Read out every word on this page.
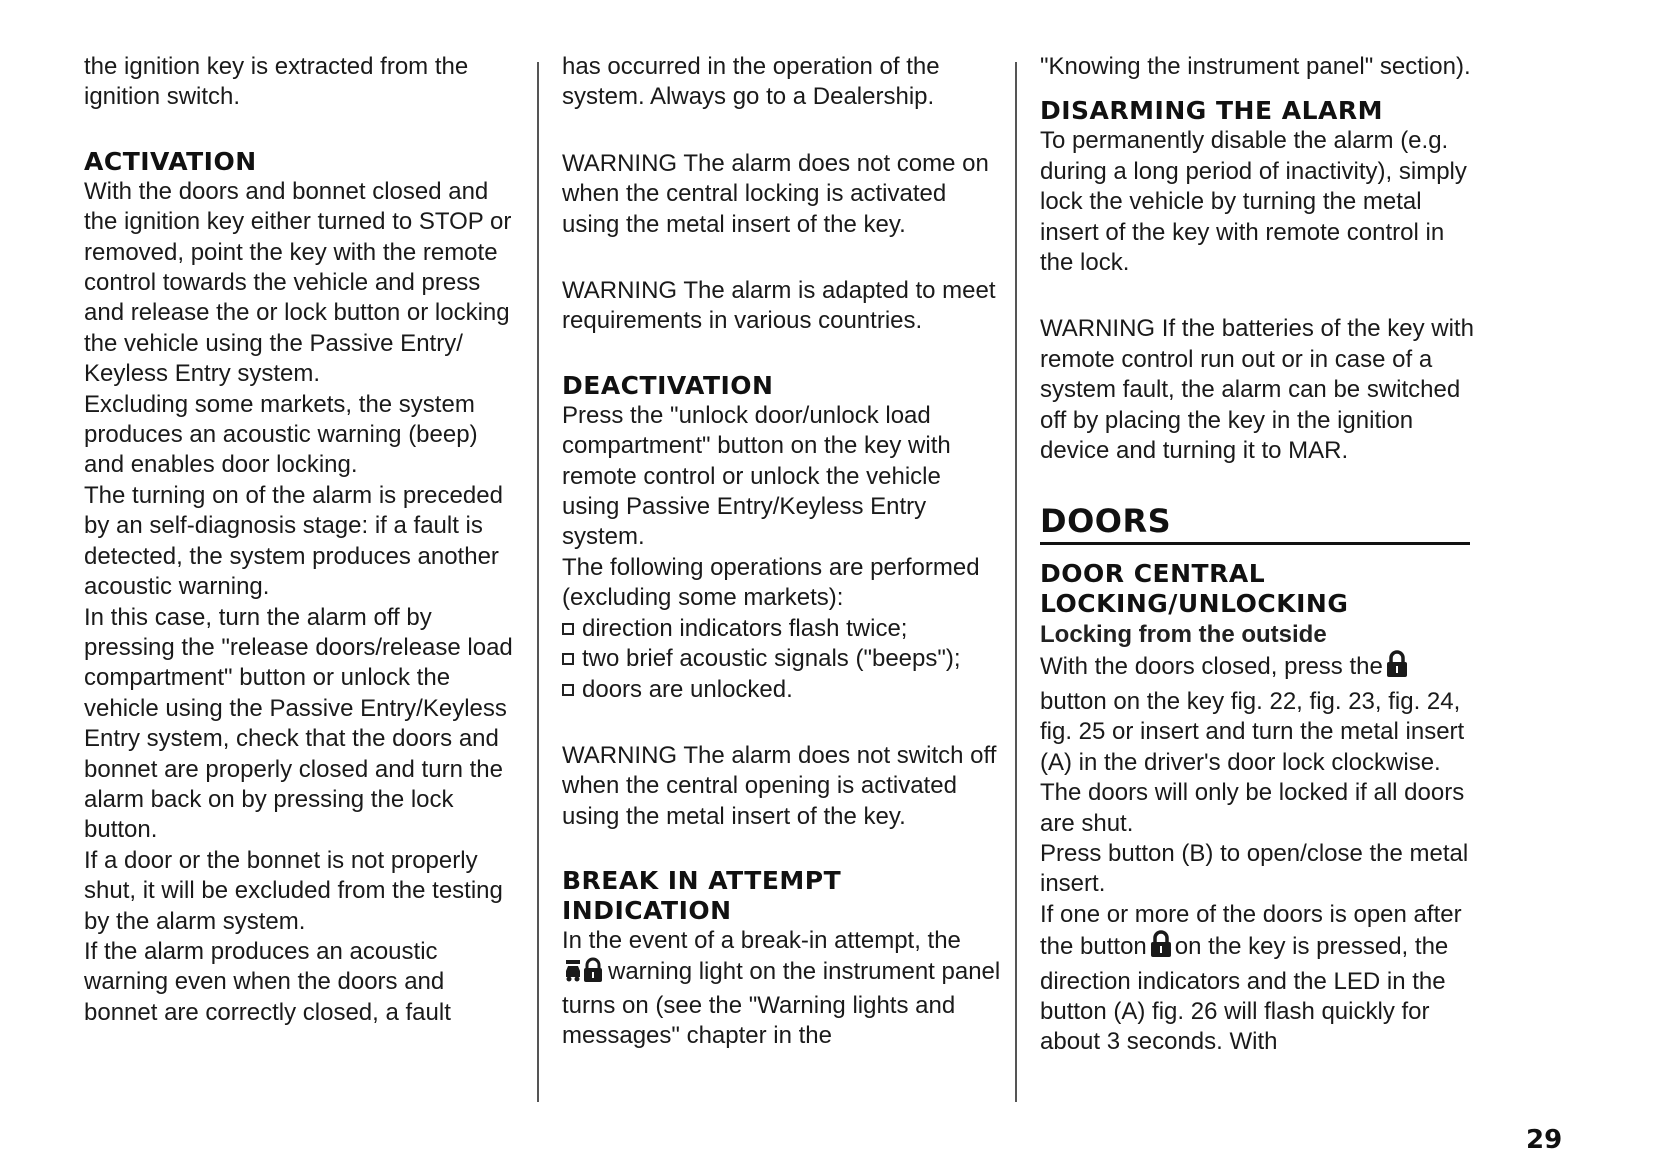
the ignition key is extracted from the ignition switch.

ACTIVATION

With the doors and bonnet closed and the ignition key either turned to STOP or removed, point the key with the remote control towards the vehicle and press and release the or lock button or locking the vehicle using the Passive Entry/ Keyless Entry system.

Excluding some markets, the system produces an acoustic warning (beep) and enables door locking.

The turning on of the alarm is preceded by an self-diagnosis stage: if a fault is detected, the system produces another acoustic warning.

In this case, turn the alarm off by pressing the "release doors/release load compartment" button or unlock the vehicle using the Passive Entry/Keyless Entry system, check that the doors and bonnet are properly closed and turn the alarm back on by pressing the lock button.

If a door or the bonnet is not properly shut, it will be excluded from the testing by the alarm system.

If the alarm produces an acoustic warning even when the doors and bonnet are correctly closed, a fault

has occurred in the operation of the system. Always go to a Dealership.

WARNING The alarm does not come on when the central locking is activated using the metal insert of the key.

WARNING The alarm is adapted to meet requirements in various countries.

DEACTIVATION

Press the "unlock door/unlock load compartment" button on the key with remote control or unlock the vehicle using Passive Entry/Keyless Entry system.

The following operations are performed (excluding some markets):

direction indicators flash twice;

two brief acoustic signals ("beeps");

doors are unlocked.

WARNING The alarm does not switch off when the central opening is activated using the metal insert of the key.

BREAK IN ATTEMPT INDICATION

In the event of a break-in attempt, the
warning light on the instrument panel turns on (see the "Warning lights and messages" chapter in the

"Knowing the instrument panel" section).

DISARMING THE ALARM

To permanently disable the alarm (e.g. during a long period of inactivity), simply lock the vehicle by turning the metal insert of the key with remote control in the lock.

WARNING If the batteries of the key with remote control run out or in case of a system fault, the alarm can be switched off by placing the key in the ignition device and turning it to MAR.

DOORS
DOOR CENTRAL LOCKING/UNLOCKING

Locking from the outside

With the doors closed, press the button on the key fig. 22, fig. 23, fig. 24, fig. 25 or insert and turn the metal insert (A) in the driver's door lock clockwise. The doors will only be locked if all doors are shut.

Press button (B) to open/close the metal insert.

If one or more of the doors is open after the button on the key is pressed, the direction indicators and the LED in the button (A) fig. 26 will flash quickly for about 3 seconds. With

29
